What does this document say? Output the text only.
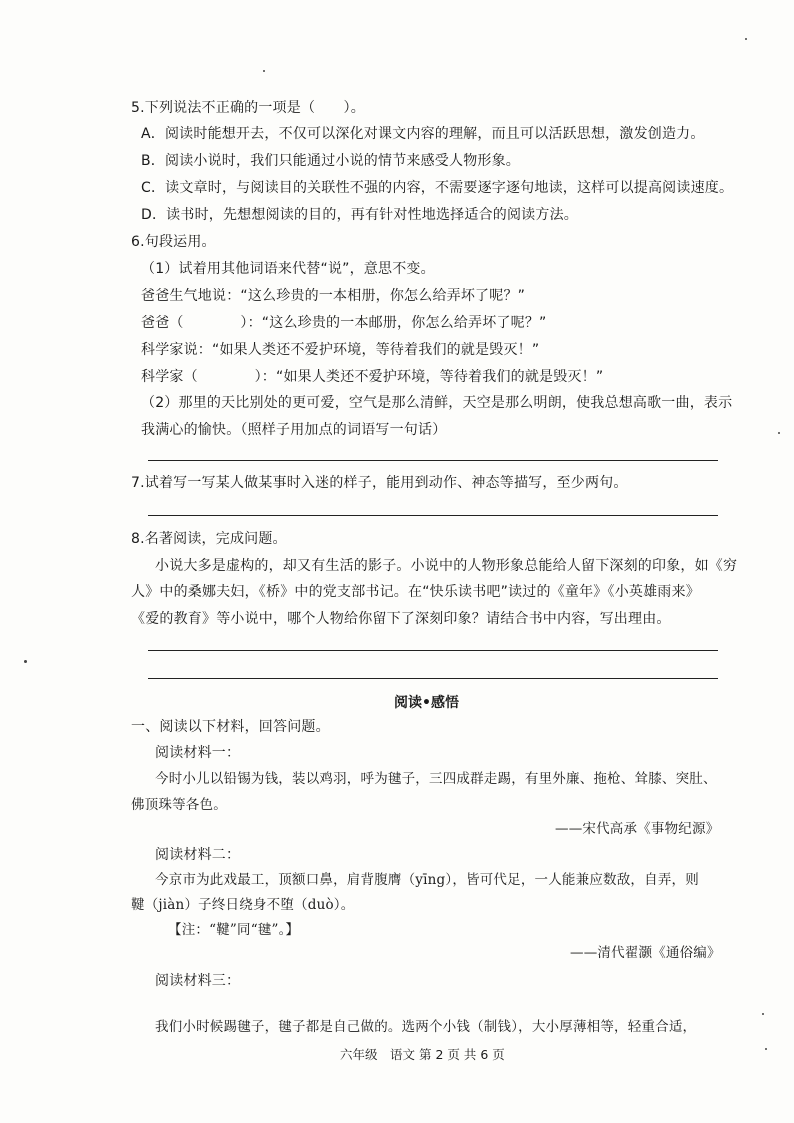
5.下列说法不正确的一项是（　　）。
A．阅读时能想开去，不仅可以深化对课文内容的理解，而且可以活跃思想，激发创造力。
B．阅读小说时，我们只能通过小说的情节来感受人物形象。
C．读文章时，与阅读目的关联性不强的内容，不需要逐字逐句地读，这样可以提高阅读速度。
D．读书时，先想想阅读的目的，再有针对性地选择适合的阅读方法。
6.句段运用。
（1）试着用其他词语来代替“说”，意思不变。
爸爸生气地说：“这么珍贵的一本相册，你怎么给弄坏了呢？”
爸爸（　　　　）：“这么珍贵的一本邮册，你怎么给弄坏了呢？”
科学家说：“如果人类还不爱护环境，等待着我们的就是毁灭！”
科学家（　　　　）：“如果人类还不爱护环境，等待着我们的就是毁灭！”
（2）那里的天比别处的更可爱，空气是那么清鲜，天空是那么明朗，使我总想高歌一曲，表示
我满心的愉快。（照样子用加点的词语写一句话）
7.试着写一写某人做某事时入迷的样子，能用到动作、神态等描写，至少两句。
8.名著阅读，完成问题。
小说大多是虚构的，却又有生活的影子。小说中的人物形象总能给人留下深刻的印象，如《穷
人》中的桑娜夫妇，《桥》中的党支部书记。在“快乐读书吧”读过的《童年》《小英雄雨来》
《爱的教育》等小说中，哪个人物给你留下了深刻印象？请结合书中内容，写出理由。
阅读•感悟
一、阅读以下材料，回答问题。
阅读材料一：
今时小儿以铅锡为钱，装以鸡羽，呼为毽子，三四成群走踢，有里外廉、拖枪、耸膝、突肚、
佛顶珠等各色。
——宋代高承《事物纪源》
阅读材料二：
今京市为此戏最工，顶额口鼻，肩背腹膺（yīng），皆可代足，一人能兼应数敌，自弄，则
鞬（jiàn）子终日绕身不堕（duò）。
【注：“鞬”同“毽”。】
——清代翟灏《通俗编》
阅读材料三：
我们小时候踢毽子，毽子都是自己做的。选两个小钱（制钱），大小厚薄相等，轻重合适，
六年级　语文 第 2 页 共 6 页
